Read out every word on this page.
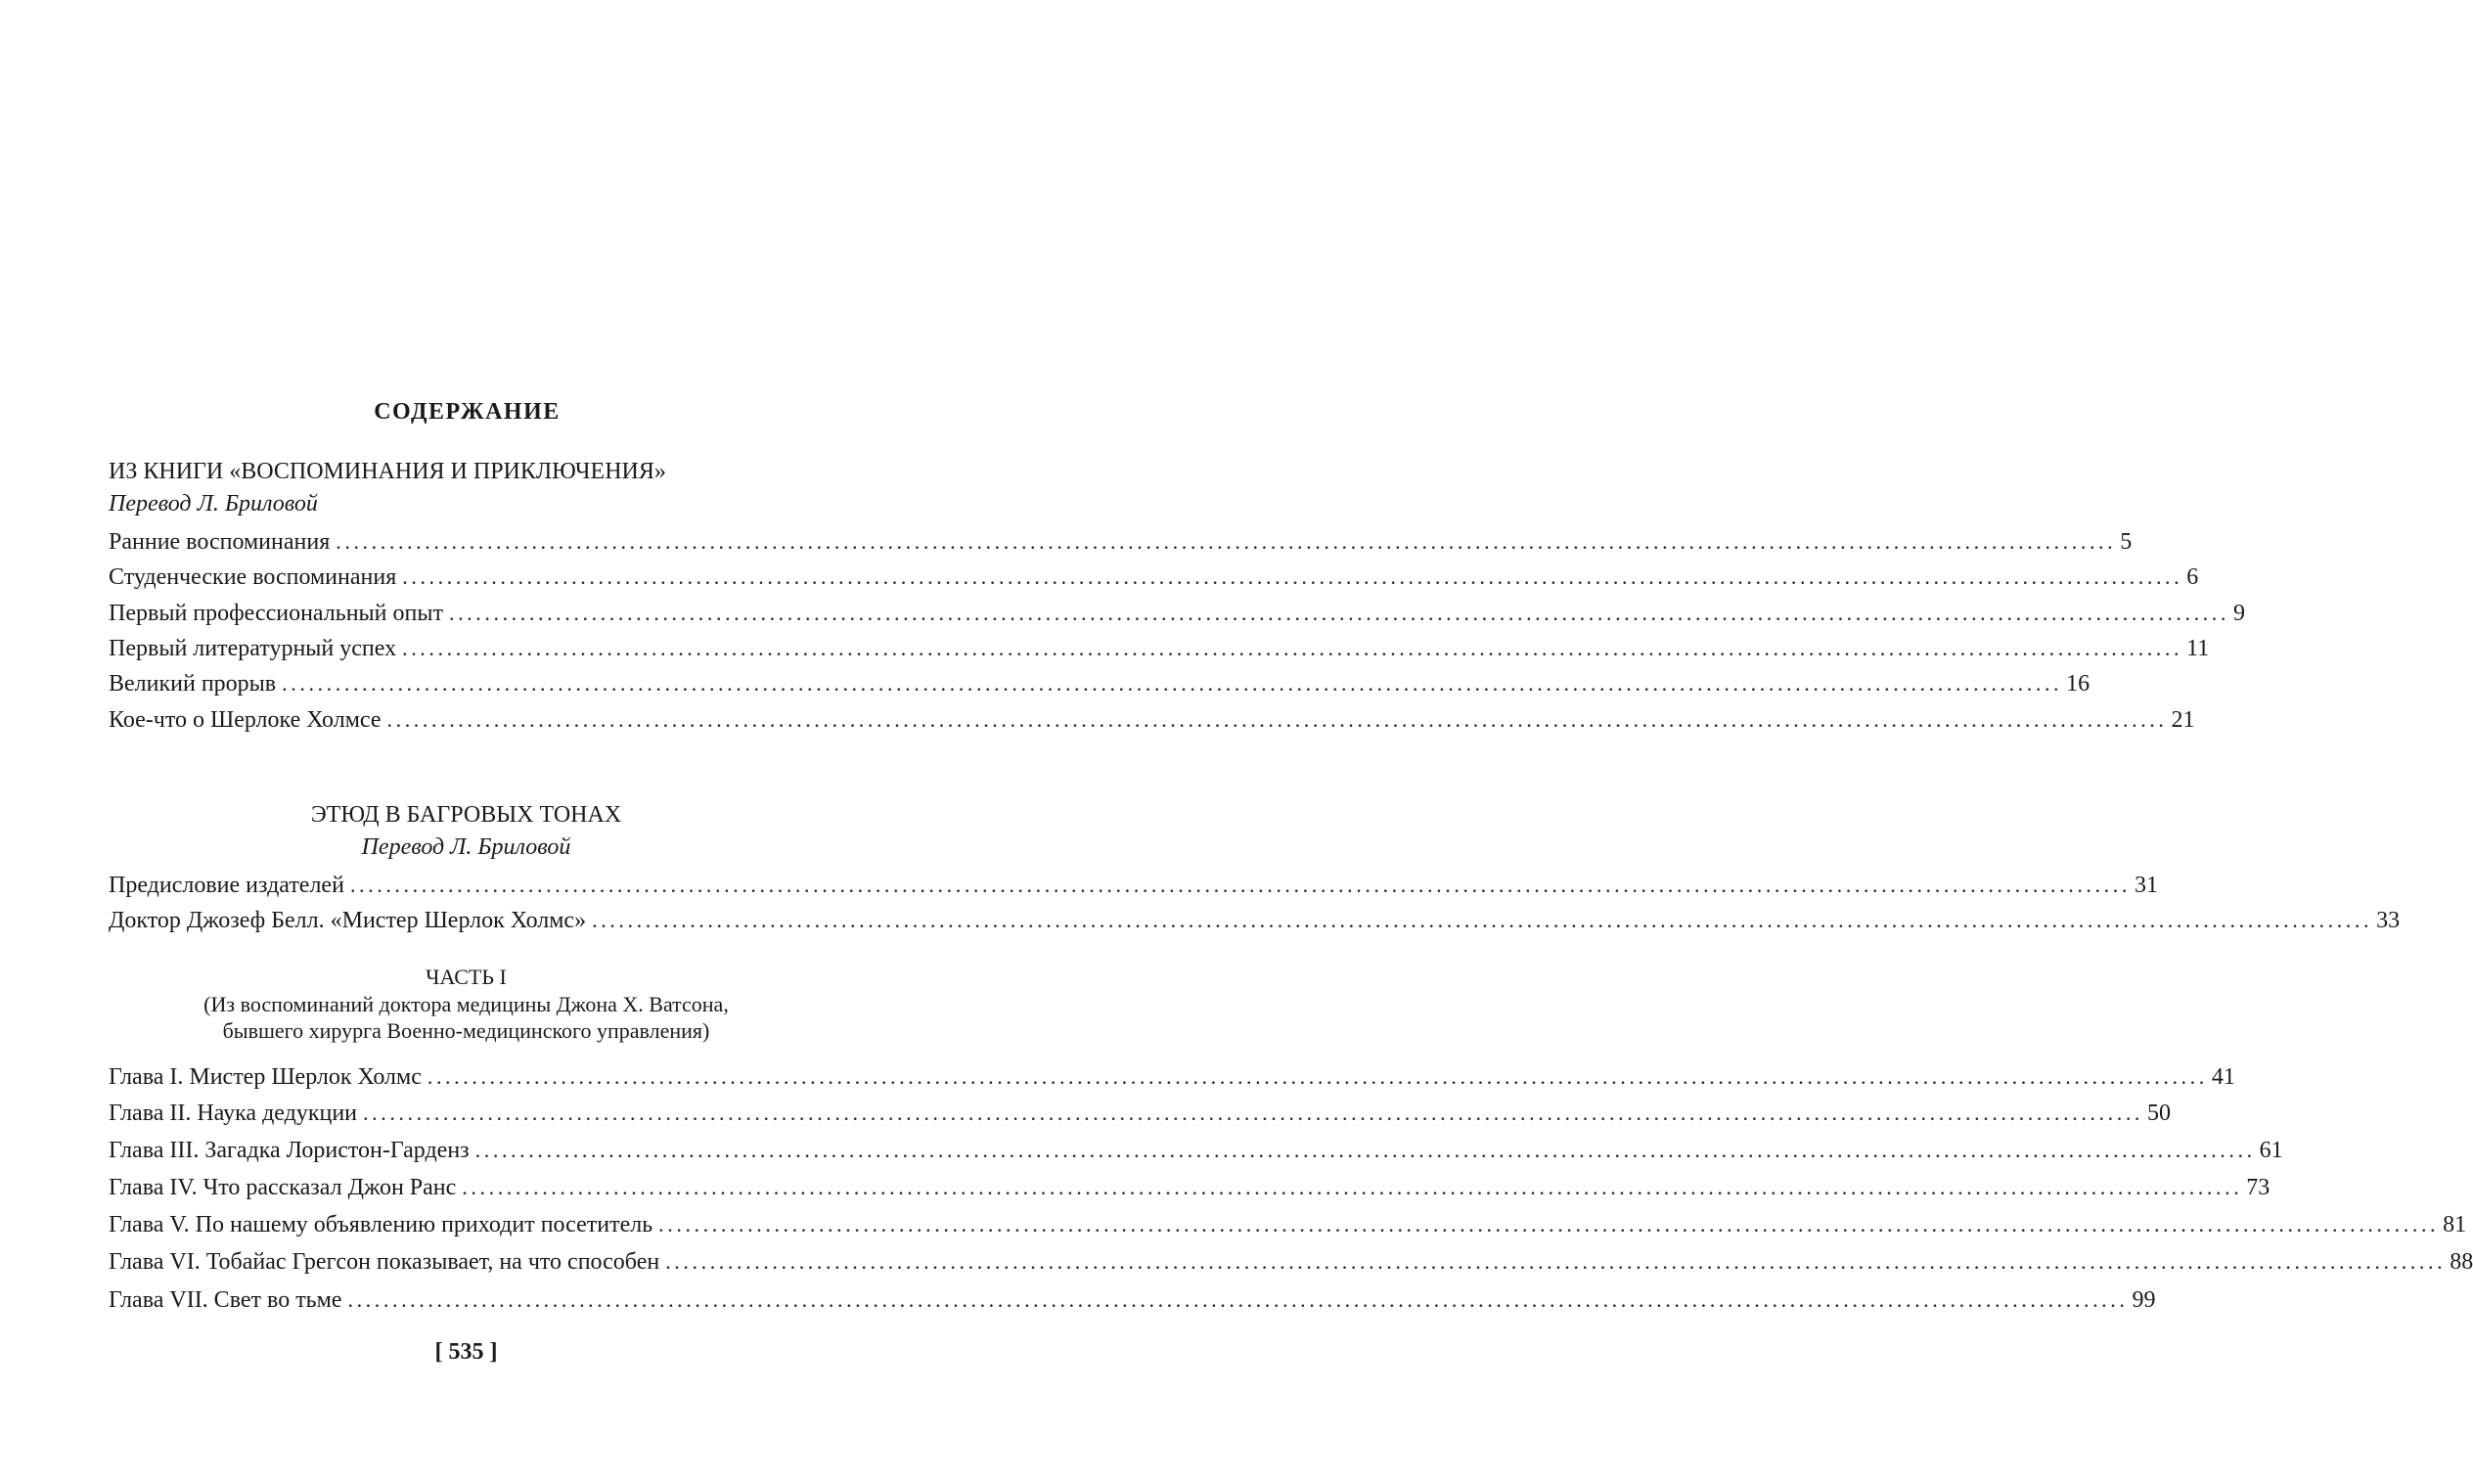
СОДЕРЖАНИЕ
ИЗ КНИГИ «ВОСПОМИНАНИЯ И ПРИКЛЮЧЕНИЯ»
Перевод Л. Бриловой
Ранние воспоминания ........................................................................................................................................................................................................ 5
Студенческие воспоминания ........................................................................................................................................................................................................ 6
Первый профессиональный опыт ........................................................................................................................................................................................................ 9
Первый литературный успех ........................................................................................................................................................................................................ 11
Великий прорыв ........................................................................................................................................................................................................ 16
Кое-что о Шерлоке Холмсе ........................................................................................................................................................................................................ 21
ЭТЮД В БАГРОВЫХ ТОНАХ
Перевод Л. Бриловой
Предисловие издателей ........................................................................................................................................................................................................ 31
Доктор Джозеф Белл. «Мистер Шерлок Холмс» ........................................................................................................................................................................................................ 33
ЧАСТЬ I
(Из воспоминаний доктора медицины Джона Х. Ватсона,
бывшего хирурга Военно-медицинского управления)
Глава I. Мистер Шерлок Холмс ........................................................................................................................................................................................................ 41
Глава II. Наука дедукции ........................................................................................................................................................................................................ 50
Глава III. Загадка Лористон-Гарденз ........................................................................................................................................................................................................ 61
Глава IV. Что рассказал Джон Ранс ........................................................................................................................................................................................................ 73
Глава V. По нашему объявлению приходит посетитель ........................................................................................................................................................................................................ 81
Глава VI. Тобайас Грегсон показывает, на что способен ........................................................................................................................................................................................................ 88
Глава VII. Свет во тьме ........................................................................................................................................................................................................ 99
[ 535 ]
